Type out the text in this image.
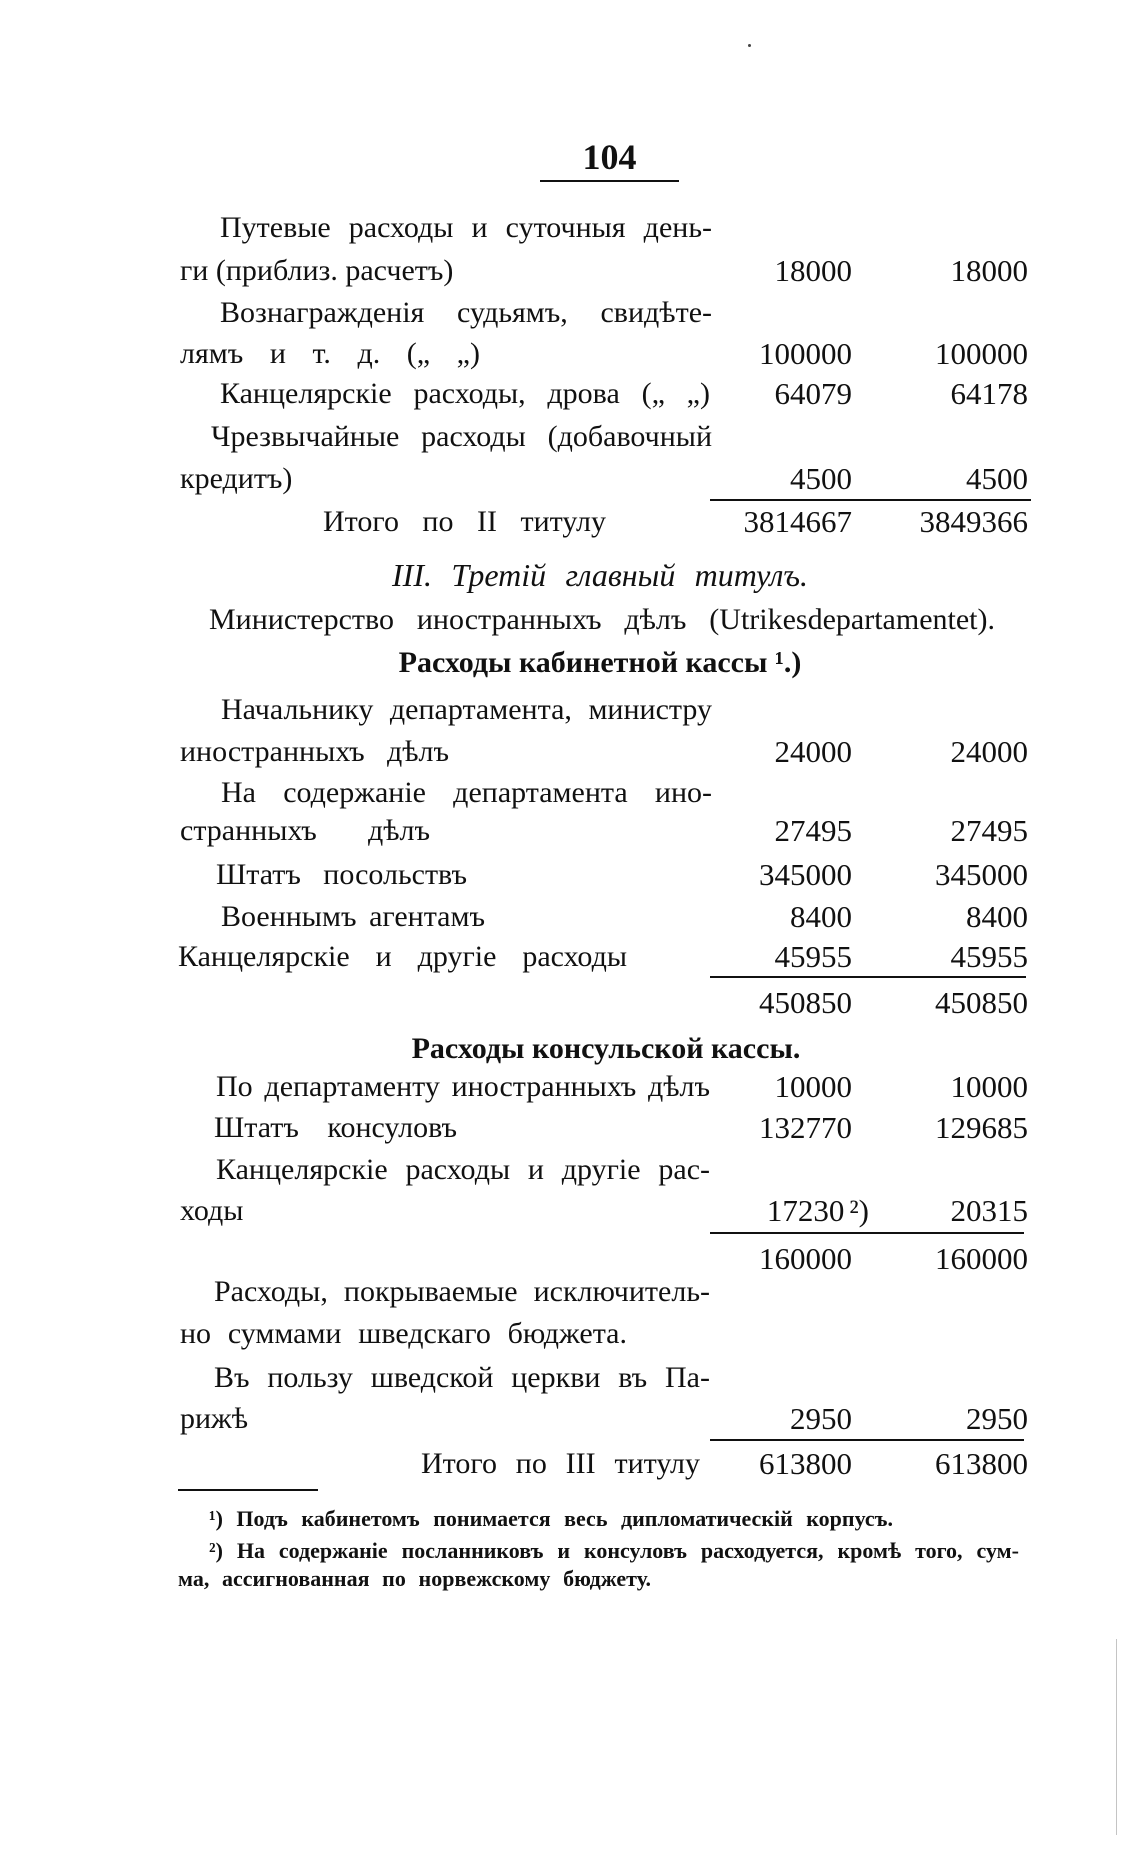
104
Путевые расходы и суточныя день-
ги (приблиз. расчетъ)	18000	18000
Вознагражденія судьямъ, свидѣте-
лямъ и т. д. („ „)	100000	100000
Канцелярскіе расходы, дрова („ „) 64079	64178
Чрезвычайные расходы (добавочный
кредитъ)	4500	4500
Итого по II титулу	3814667 3849366
III. Третій главный титулъ.
Министерство иностранныхъ дѣлъ (Utrikesdepartamentet).
Расходы кабинетной кассы ¹.)
Начальнику департамента, министру
иностранныхъ дѣлъ	24000	24000
На содержаніе департамента ино-
странныхъ дѣлъ	27495	27495
Штатъ посольствъ	345000	345000
Военнымъ агентамъ	8400	8400
Канцелярскіе и другіе расходы	45955	45955
450850	450850
Расходы консульской кассы.
По департаменту иностранныхъ дѣлъ 10000	10000
Штатъ консуловъ	132770	129685
Канцелярскіе расходы и другіе рас-
ходы	17230 ²)	20315
160000	160000
Расходы, покрываемые исключитель-
но суммами шведскаго бюджета.
Въ пользу шведской церкви въ Па-
рижѣ	2950	2950
Итого по III титулу 613800	613800
¹) Подъ кабинетомъ понимается весь дипломатическій корпусъ.
²) На содержаніе посланниковъ и консуловъ расходуется, кромѣ того, сум-
ма, ассигнованная по норвежскому бюджету.
